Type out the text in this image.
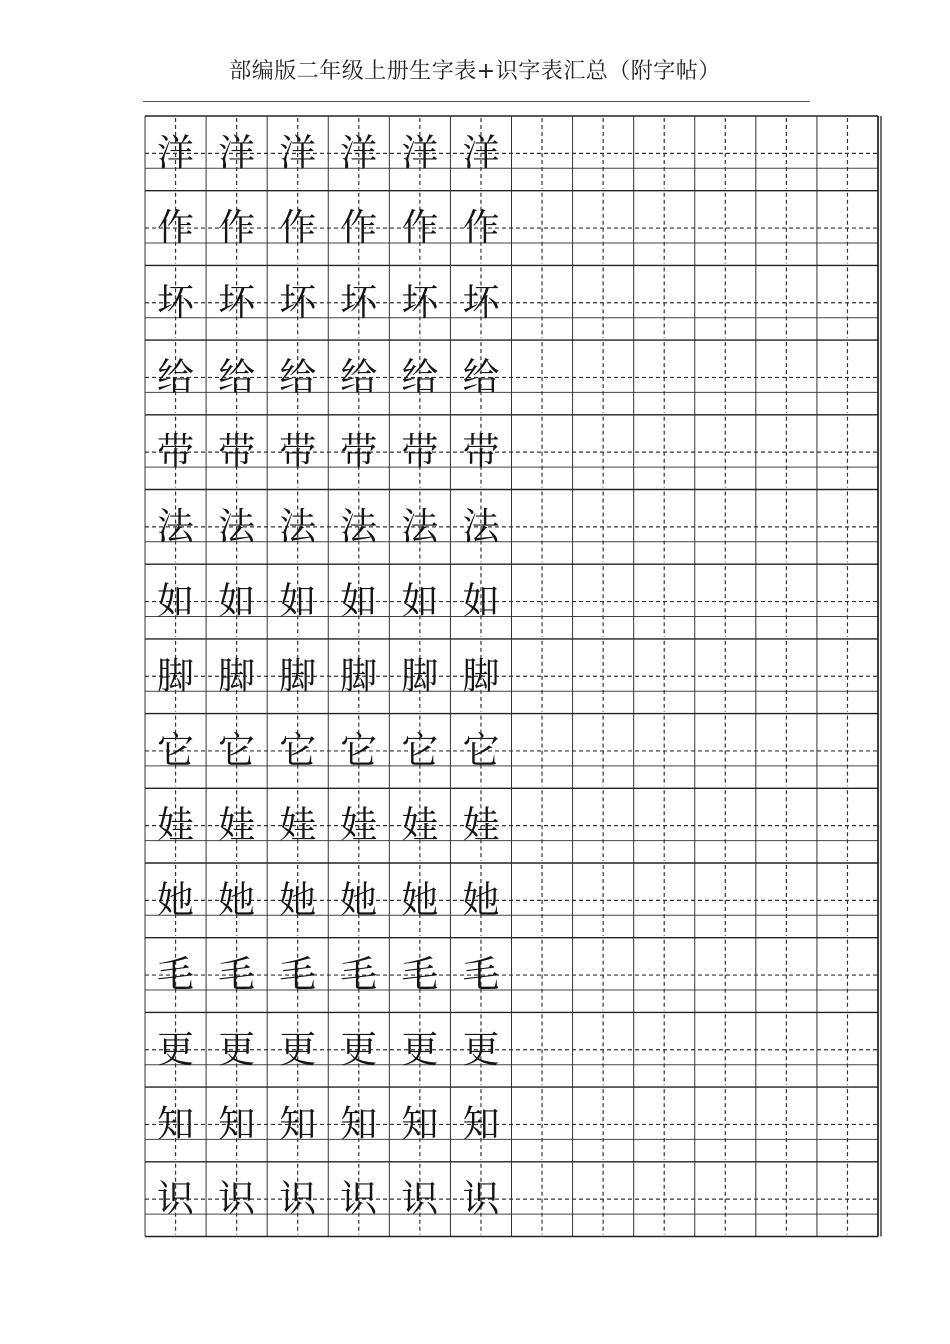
部编版二年级上册生字表+识字表汇总（附字帖）
洋 洋 洋 洋 洋 洋
作 作 作 作 作 作
坏 坏 坏 坏 坏 坏
给 给 给 给 给 给
带 带 带 带 带 带
法 法 法 法 法 法
如 如 如 如 如 如
脚 脚 脚 脚 脚 脚
它 它 它 它 它 它
娃 娃 娃 娃 娃 娃
她 她 她 她 她 她
毛 毛 毛 毛 毛 毛
更 更 更 更 更 更
知 知 知 知 知 知
识 识 识 识 识 识
